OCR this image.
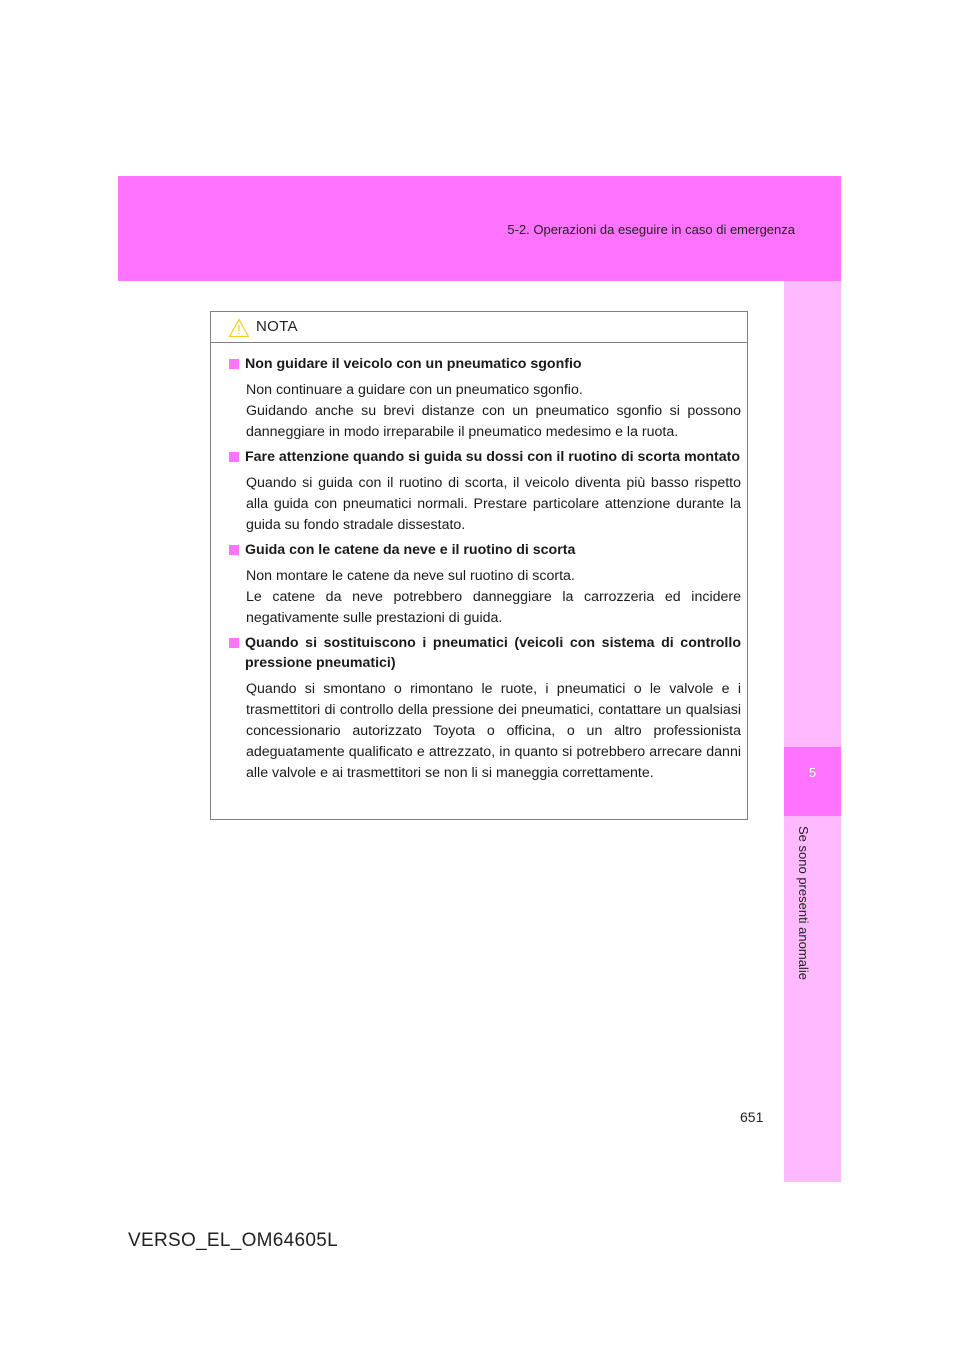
5-2. Operazioni da eseguire in caso di emergenza
5
Se sono presenti anomalie
NOTA
Non guidare il veicolo con un pneumatico sgonfio

Non continuare a guidare con un pneumatico sgonfio.

Guidando anche su brevi distanze con un pneumatico sgonfio si possono danneggiare in modo irreparabile il pneumatico medesimo e la ruota.

Fare attenzione quando si guida su dossi con il ruotino di scorta montato

Quando si guida con il ruotino di scorta, il veicolo diventa più basso rispetto alla guida con pneumatici normali. Prestare particolare attenzione durante la guida su fondo stradale dissestato.

Guida con le catene da neve e il ruotino di scorta

Non montare le catene da neve sul ruotino di scorta.

Le catene da neve potrebbero danneggiare la carrozzeria ed incidere negativamente sulle prestazioni di guida.

Quando si sostituiscono i pneumatici (veicoli con sistema di controllo pressione pneumatici)

Quando si smontano o rimontano le ruote, i pneumatici o le valvole e i trasmettitori di controllo della pressione dei pneumatici, contattare un qualsiasi concessionario autorizzato Toyota o officina, o un altro professionista adeguatamente qualificato e attrezzato, in quanto si potrebbero arrecare danni alle valvole e ai trasmettitori se non li si maneggia correttamente.

651
VERSO_EL_OM64605L
